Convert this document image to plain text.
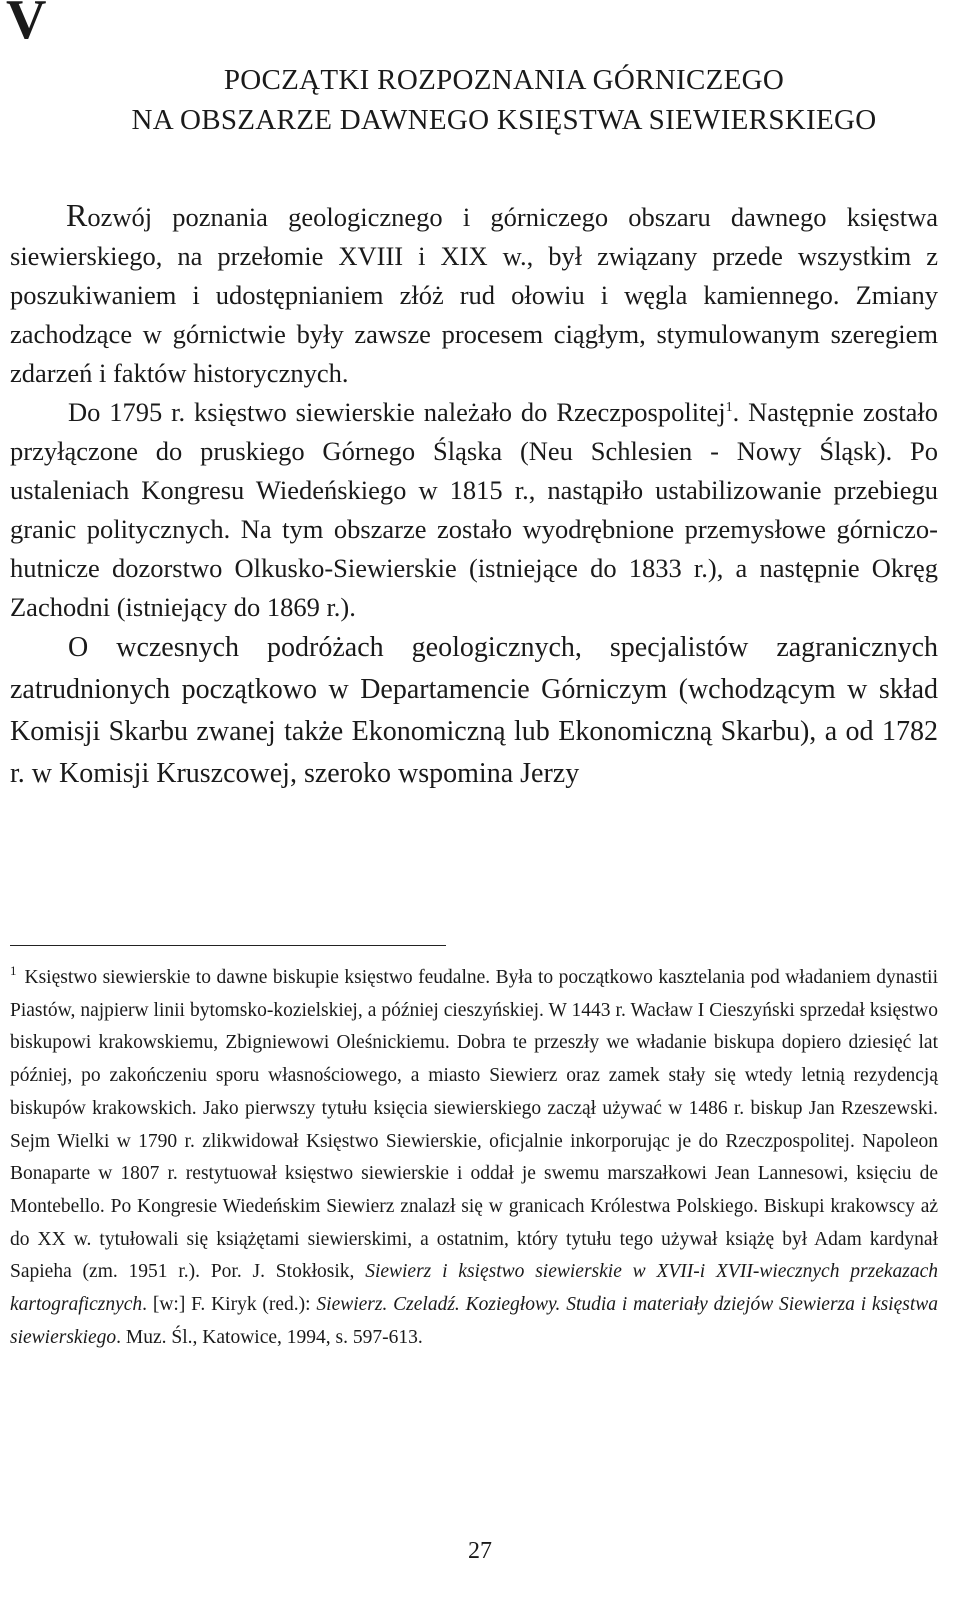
V
POCZĄTKI ROZPOZNANIA GÓRNICZEGO
NA OBSZARZE DAWNEGO KSIĘSTWA SIEWIERSKIEGO

Rozwój poznania geologicznego i górniczego obszaru dawnego księstwa siewierskiego, na przełomie XVIII i XIX w., był związany przede wszystkim z poszukiwaniem i udostępnianiem złóż rud ołowiu i węgla kamiennego. Zmiany zachodzące w górnictwie były zawsze procesem ciągłym, stymulowanym szeregiem zdarzeń i faktów historycznych.

Do 1795 r. księstwo siewierskie należało do Rzeczpospolitej$^1$. Następnie zostało przyłączone do pruskiego Górnego Śląska (Neu Schlesien - Nowy Śląsk). Po ustaleniach Kongresu Wiedeńskiego w 1815 r., nastąpiło ustabilizowanie przebiegu granic politycznych. Na tym obszarze zostało wyodrębnione przemysłowe górniczo-hutnicze dozorstwo Olkusko-Siewierskie (istniejące do 1833 r.), a następnie Okręg Zachodni (istniejący do 1869 r.).

O wczesnych podróżach geologicznych, specjalistów zagranicznych zatrudnionych początkowo w Departamencie Górniczym (wchodzącym w skład Komisji Skarbu zwanej także Ekonomiczną lub Ekonomiczną Skarbu), a od 1782 r. w Komisji Kruszcowej, szeroko wspomina Jerzy

$^1$ Księstwo siewierskie to dawne biskupie księstwo feudalne. Była to początkowo kasztelania pod władaniem dynastii Piastów, najpierw linii bytomsko-kozielskiej, a później cieszyńskiej. W 1443 r. Wacław I Cieszyński sprzedał księstwo biskupowi krakowskiemu, Zbigniewowi Oleśnickiemu. Dobra te przeszły we władanie biskupa dopiero dziesięć lat później, po zakończeniu sporu własnościowego, a miasto Siewierz oraz zamek stały się wtedy letnią rezydencją biskupów krakowskich. Jako pierwszy tytułu księcia siewierskiego zaczął używać w 1486 r. biskup Jan Rzeszewski. Sejm Wielki w 1790 r. zlikwidował Księstwo Siewierskie, oficjalnie inkorporując je do Rzeczpospolitej. Napoleon Bonaparte w 1807 r. restytuował księstwo siewierskie i oddał je swemu marszałkowi Jean Lannesowi, księciu de Montebello. Po Kongresie Wiedeńskim Siewierz znalazł się w granicach Królestwa Polskiego. Biskupi krakowscy aż do XX w. tytułowali się książętami siewierskimi, a ostatnim, który tytułu tego używał książę był Adam kardynał Sapieha (zm. 1951 r.). Por. J. Stokłosik, Siewierz i księstwo siewierskie w XVII-i XVII-wiecznych przekazach kartograficznych. [w:] F. Kiryk (red.): Siewierz. Czeladź. Koziegłowy. Studia i materiały dziejów Siewierza i księstwa siewierskiego. Muz. Śl., Katowice, 1994, s. 597-613.
27
